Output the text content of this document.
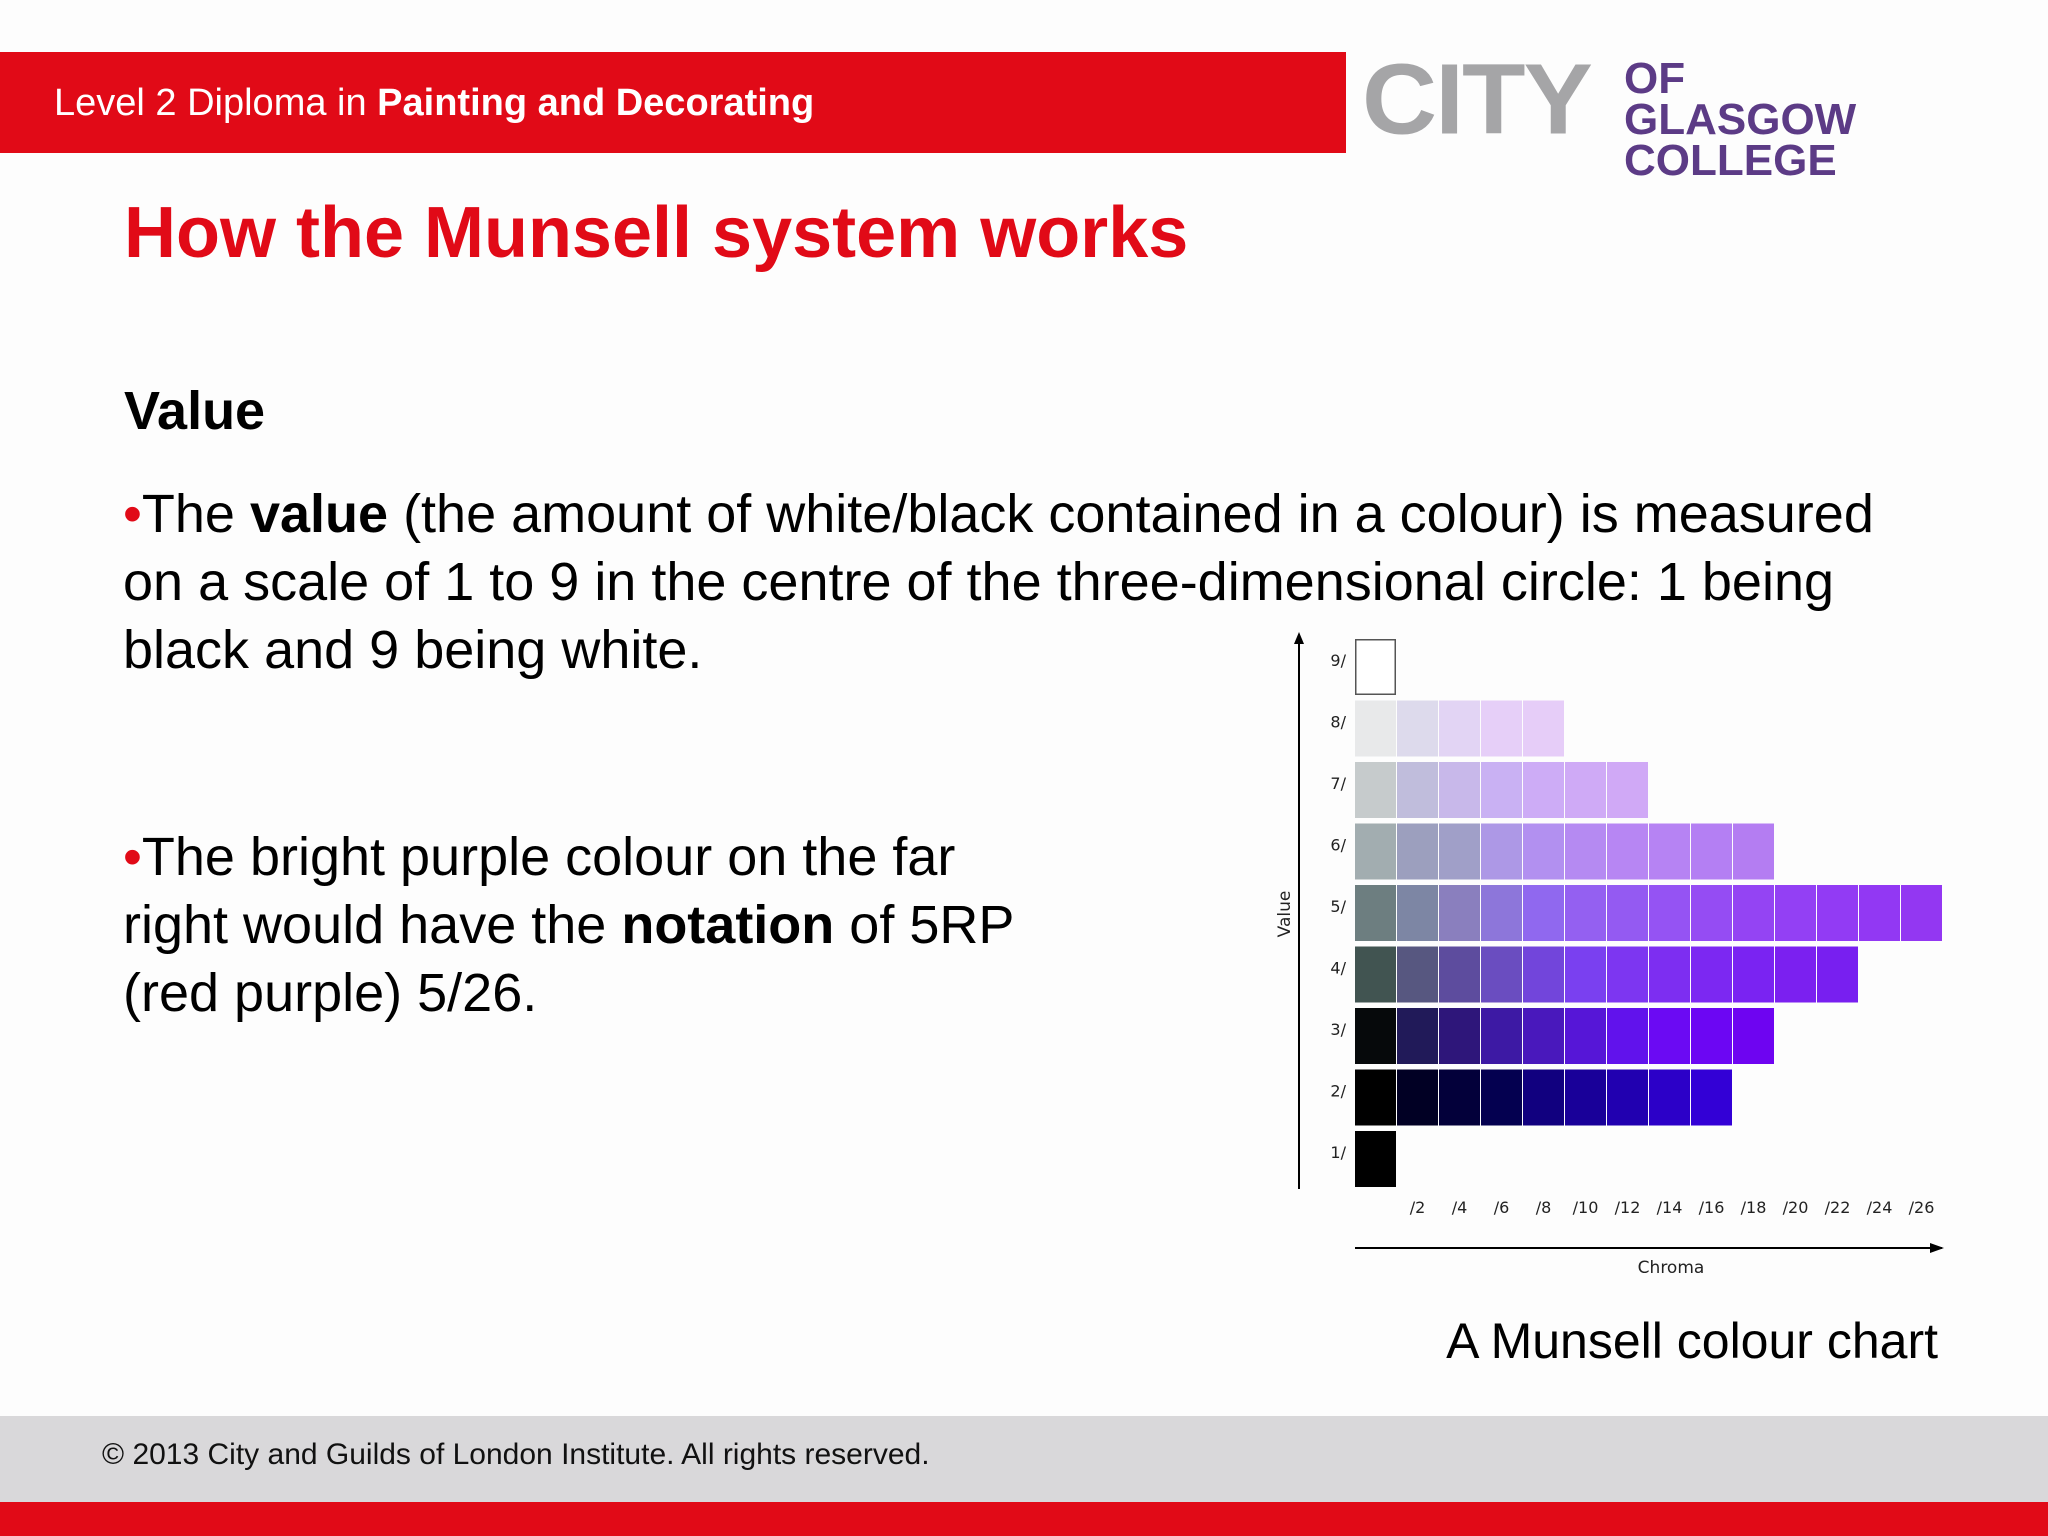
Level 2 Diploma in Painting and Decorating	CITY OF GLASGOW
COLLEGE
How the Munsell system works
Value
•The value (the amount of white/black contained in a colour) is measured on a scale of 1 to 9 in the centre of the three-dimensional circle: 1 being black and 9 being white.
•The bright purple colour on the far right would have the notation of 5RP (red purple) 5/26.
Value
1/
2/
3/
4/
5/
6/
7/
8/
9/
/2 /4 /6 /8 /10 /12 /14 /16 /18 /20 /22 /24 /26
Chroma
A Munsell colour chart
© 2013 City and Guilds of London Institute. All rights reserved.
